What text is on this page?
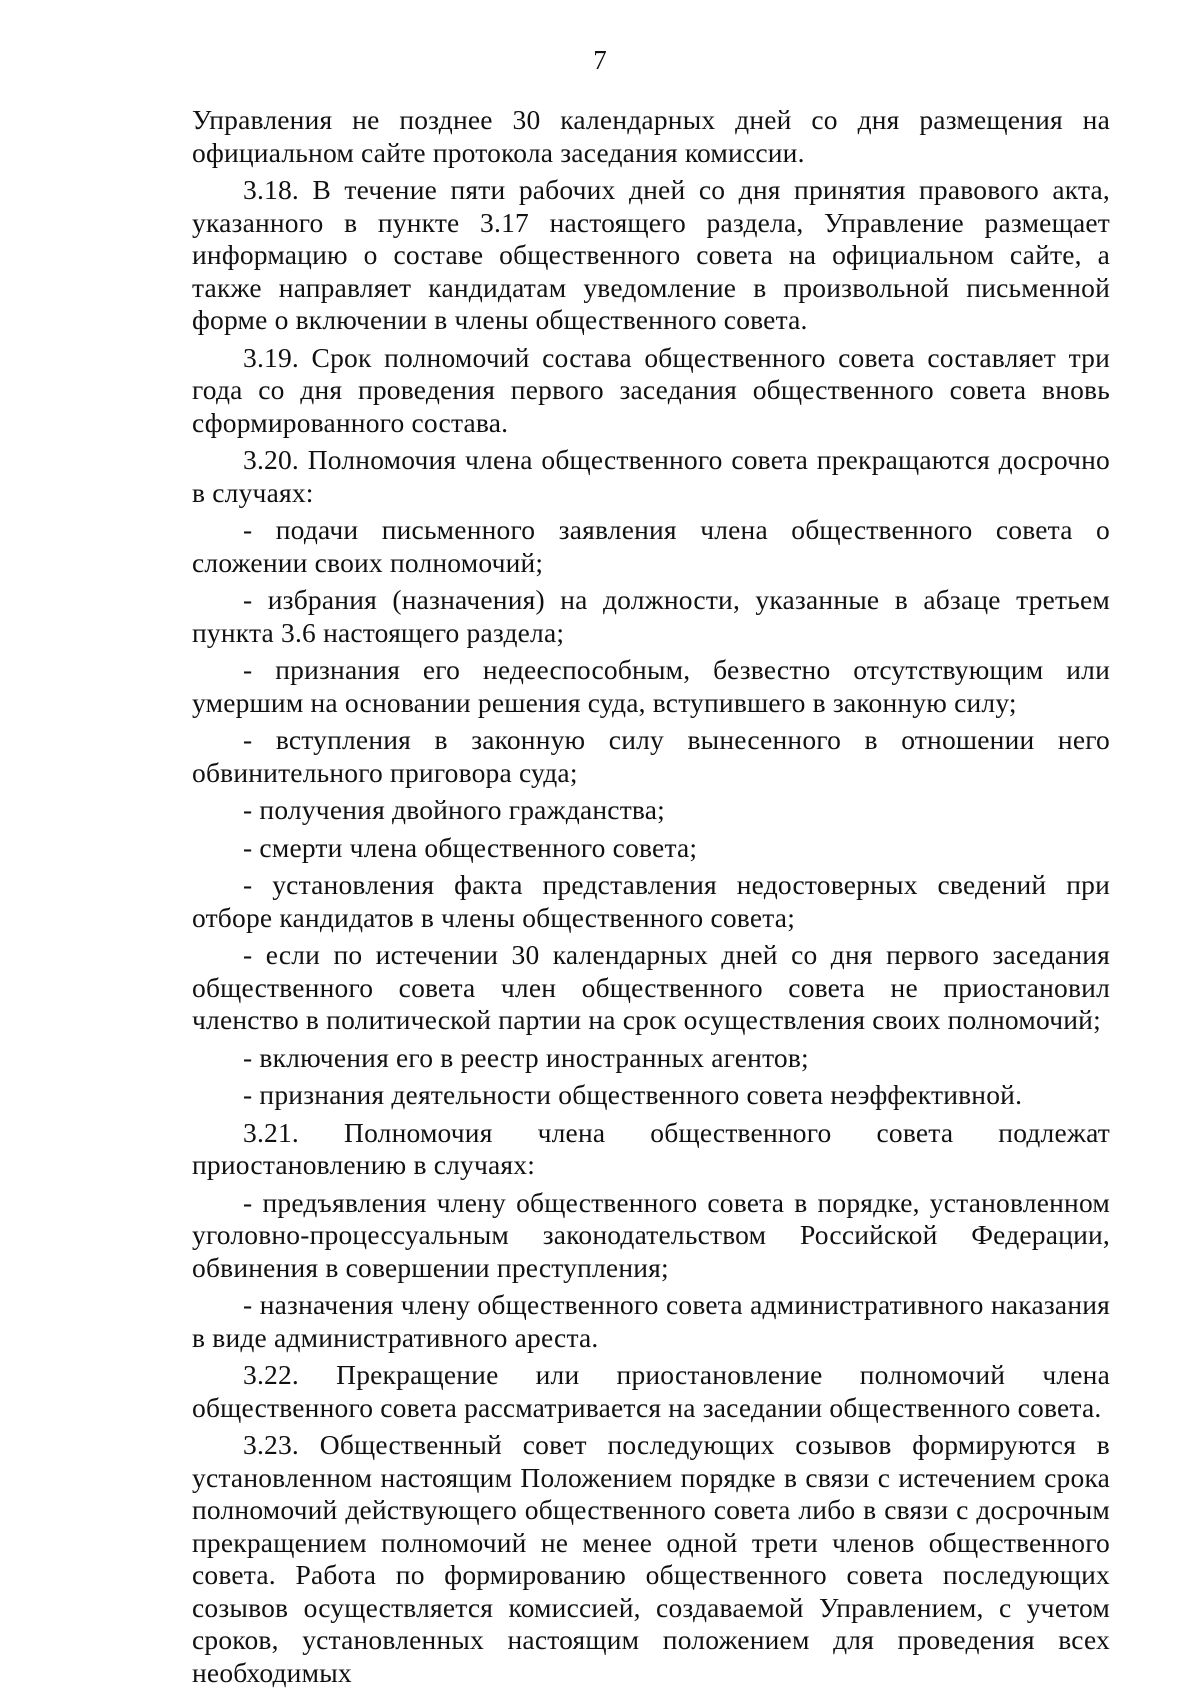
7

Управления не позднее 30 календарных дней со дня размещения на официальном сайте протокола заседания комиссии.

3.18. В течение пяти рабочих дней со дня принятия правового акта, указанного в пункте 3.17 настоящего раздела, Управление размещает информацию о составе общественного совета на официальном сайте, а также направляет кандидатам уведомление в произвольной письменной форме о включении в члены общественного совета.

3.19. Срок полномочий состава общественного совета составляет три года со дня проведения первого заседания общественного совета вновь сформированного состава.

3.20. Полномочия члена общественного совета прекращаются досрочно в случаях:

- подачи письменного заявления члена общественного совета о сложении своих полномочий;

- избрания (назначения) на должности, указанные в абзаце третьем пункта 3.6 настоящего раздела;

- признания его недееспособным, безвестно отсутствующим или умершим на основании решения суда, вступившего в законную силу;

- вступления в законную силу вынесенного в отношении него обвинительного приговора суда;

- получения двойного гражданства;

- смерти члена общественного совета;

- установления факта представления недостоверных сведений при отборе кандидатов в члены общественного совета;

- если по истечении 30 календарных дней со дня первого заседания общественного совета член общественного совета не приостановил членство в политической партии на срок осуществления своих полномочий;

- включения его в реестр иностранных агентов;

- признания деятельности общественного совета неэффективной.

3.21. Полномочия члена общественного совета подлежат приостановлению в случаях:

- предъявления члену общественного совета в порядке, установленном уголовно-процессуальным законодательством Российской Федерации, обвинения в совершении преступления;

- назначения члену общественного совета административного наказания в виде административного ареста.

3.22. Прекращение или приостановление полномочий члена общественного совета рассматривается на заседании общественного совета.

3.23. Общественный совет последующих созывов формируются в установленном настоящим Положением порядке в связи с истечением срока полномочий действующего общественного совета либо в связи с досрочным прекращением полномочий не менее одной трети членов общественного совета. Работа по формированию общественного совета последующих созывов осуществляется комиссией, создаваемой Управлением, с учетом сроков, установленных настоящим положением для проведения всех необходимых
